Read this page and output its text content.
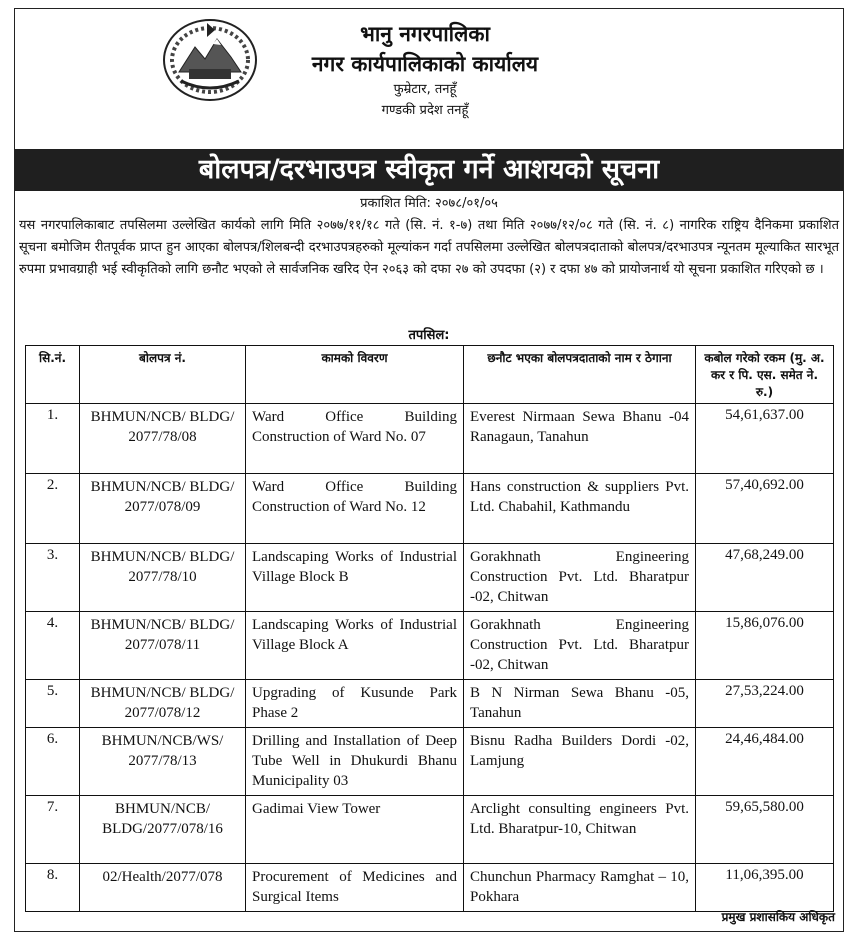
भानु नगरपालिका
नगर कार्यपालिकाको कार्यालय
फुम्रेटार, तनहूँ
गण्डकी प्रदेश तनहूँ
बोलपत्र/दरभाउपत्र स्वीकृत गर्ने आशयको सूचना
प्रकाशित मिति: २०७८/०१/०५
यस नगरपालिकाबाट तपसिलमा उल्लेखित कार्यको लागि मिति २०७७/११/१८ गते (सि. नं. १-७) तथा मिति २०७७/१२/०८ गते (सि. नं. ८) नागरिक राष्ट्रिय दैनिकमा प्रकाशित सूचना बमोजिम रीतपूर्वक प्राप्त हुन आएका बोलपत्र/शिलबन्दी दरभाउपत्रहरुको मूल्यांकन गर्दा तपसिलमा उल्लेखित बोलपत्रदाताको बोलपत्र/दरभाउपत्र न्यूनतम मूल्याकित सारभूत रुपमा प्रभावग्राही भई स्वीकृतिको लागि छनौट भएको ले सार्वजनिक खरिद ऐन २०६३ को दफा २७ को उपदफा (२) र दफा ४७ को प्रायोजनार्थ यो सूचना प्रकाशित गरिएको छ ।
तपसिल:
सि.नं.	बोलपत्र नं.	कामको विवरण	छनौट भएका बोलपत्रदाताको नाम र ठेगाना	कबोल गरेको रकम (मु. अ. कर र पि. एस. समेत ने. रु.)
1.	BHMUN/NCB/ BLDG/ 2077/78/08	Ward Office Building Construction of Ward No. 07	Everest Nirmaan Sewa Bhanu -04 Ranagaun, Tanahun	54,61,637.00
2.	BHMUN/NCB/ BLDG/ 2077/078/09	Ward Office Building Construction of Ward No. 12	Hans construction & suppliers Pvt. Ltd. Chabahil, Kathmandu	57,40,692.00
3.	BHMUN/NCB/ BLDG/ 2077/78/10	Landscaping Works of Industrial Village Block B	Gorakhnath Engineering Construction Pvt. Ltd. Bharatpur -02, Chitwan	47,68,249.00
4.	BHMUN/NCB/ BLDG/ 2077/078/11	Landscaping Works of Industrial Village Block A	Gorakhnath Engineering Construction Pvt. Ltd. Bharatpur -02, Chitwan	15,86,076.00
5.	BHMUN/NCB/ BLDG/ 2077/078/12	Upgrading of Kusunde Park Phase 2	B N Nirman Sewa Bhanu -05, Tanahun	27,53,224.00
6.	BHMUN/NCB/WS/ 2077/78/13	Drilling and Installation of Deep Tube Well in Dhukurdi Bhanu Municipality 03	Bisnu Radha Builders Dordi -02, Lamjung	24,46,484.00
7.	BHMUN/NCB/ BLDG/2077/078/16	Gadimai View Tower	Arclight consulting engineers Pvt. Ltd. Bharatpur-10, Chitwan	59,65,580.00
8.	02/Health/2077/078	Procurement of Medicines and Surgical Items	Chunchun Pharmacy Ramghat – 10, Pokhara	11,06,395.00
प्रमुख प्रशासकिय अधिकृत
